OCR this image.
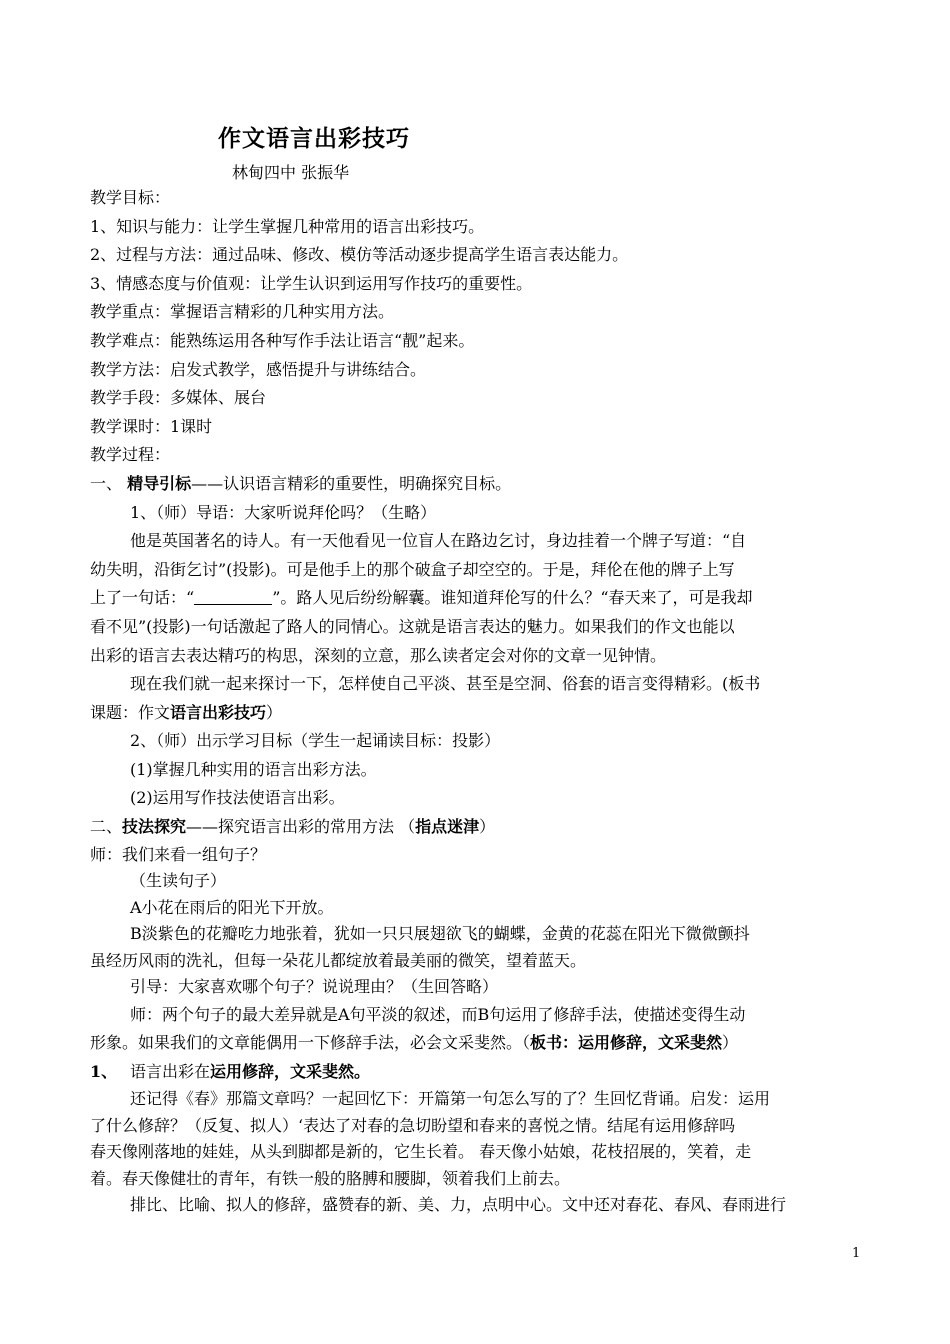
作文语言出彩技巧
林甸四中 张振华
教学目标：
1、知识与能力：让学生掌握几种常用的语言出彩技巧。
2、过程与方法：通过品味、修改、模仿等活动逐步提高学生语言表达能力。
3、情感态度与价值观：让学生认识到运用写作技巧的重要性。
教学重点：掌握语言精彩的几种实用方法。
教学难点：能熟练运用各种写作手法让语言“靓”起来。
教学方法：启发式教学，感悟提升与讲练结合。
教学手段：多媒体、展台
教学课时：1课时
教学过程：
一、 精导引标——认识语言精彩的重要性，明确探究目标。
1、（师）导语：大家听说拜伦吗？（生略）
他是英国著名的诗人。有一天他看见一位盲人在路边乞讨，身边挂着一个牌子写道：“自
幼失明，沿街乞讨”(投影)。可是他手上的那个破盒子却空空的。于是，拜伦在他的牌子上写
上了一句话：“	”。路人见后纷纷解囊。谁知道拜伦写的什么？“春天来了，可是我却
看不见”(投影)一句话激起了路人的同情心。这就是语言表达的魅力。如果我们的作文也能以
出彩的语言去表达精巧的构思，深刻的立意，那么读者定会对你的文章一见钟情。
现在我们就一起来探讨一下，怎样使自己平淡、甚至是空洞、俗套的语言变得精彩。(板书
课题：作文语言出彩技巧）
2、（师）出示学习目标（学生一起诵读目标：投影）
(1)掌握几种实用的语言出彩方法。
(2)运用写作技法使语言出彩。
二、技法探究——探究语言出彩的常用方法 （指点迷津）
师：我们来看一组句子？
（生读句子）
A小花在雨后的阳光下开放。
B淡紫色的花瓣吃力地张着，犹如一只只展翅欲飞的蝴蝶，金黄的花蕊在阳光下微微颤抖
虽经历风雨的洗礼，但每一朵花儿都绽放着最美丽的微笑，望着蓝天。
引导：大家喜欢哪个句子？说说理由？（生回答略）
师：两个句子的最大差异就是A句平淡的叙述，而B句运用了修辞手法，使描述变得生动
形象。如果我们的文章能偶用一下修辞手法，必会文采斐然。（板书：运用修辞，文采斐然）
1、 语言出彩在运用修辞，文采斐然。
还记得《春》那篇文章吗？一起回忆下：开篇第一句怎么写的了？生回忆背诵。启发：运用
了什么修辞？（反复、拟人）‘表达了对春的急切盼望和春来的喜悦之情。结尾有运用修辞吗
春天像刚落地的娃娃，从头到脚都是新的，它生长着。 春天像小姑娘，花枝招展的，笑着，走
着。春天像健壮的青年，有铁一般的胳膊和腰脚，领着我们上前去。
排比、比喻、拟人的修辞，盛赞春的新、美、力，点明中心。文中还对春花、春风、春雨进行
1
